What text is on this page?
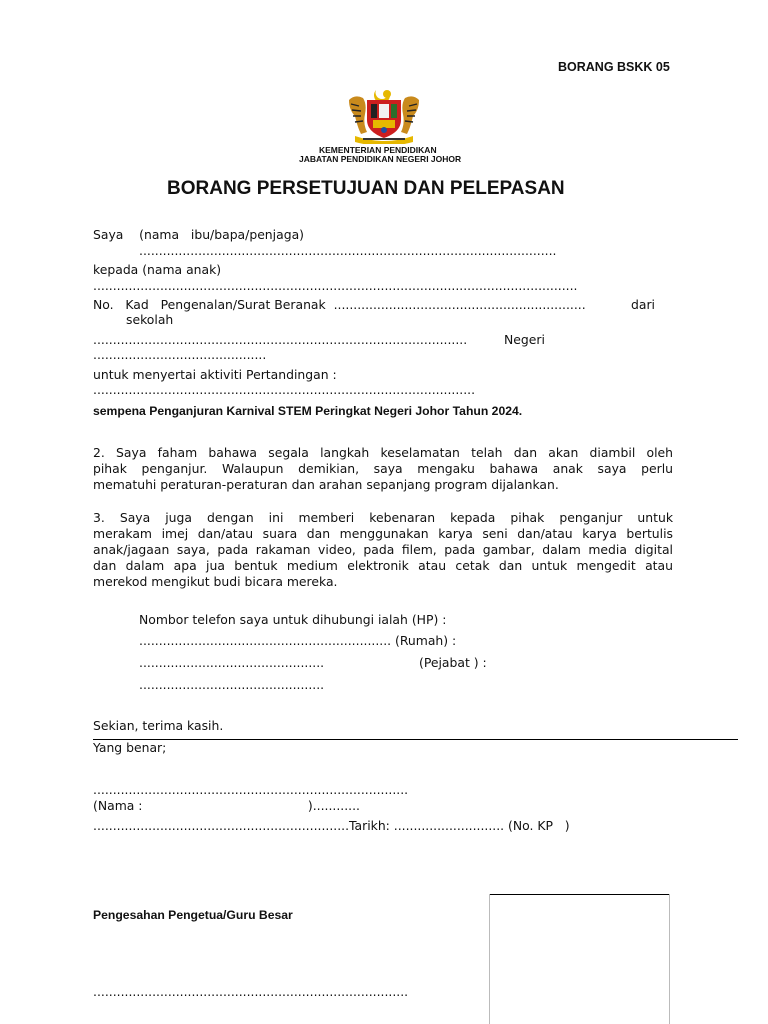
BORANG BSKK 05
KEMENTERIAN PENDIDIKAN
JABATAN PENDIDIKAN NEGERI JOHOR
BORANG PERSETUJUAN DAN PELEPASAN
Saya    (nama   ibu/bapa/penjaga)
..........................................................................................................
kepada (nama anak)
...........................................................................................................................
No.   Kad   Pengenalan/Surat Beranak  ................................................................	dari
sekolah
...............................................................................................	Negeri
............................................
untuk menyertai aktiviti Pertandingan :
.................................................................................................
sempena Penganjuran Karnival STEM Peringkat Negeri Johor Tahun 2024.
2. Saya faham bahawa segala langkah keselamatan telah dan akan diambil oleh
pihak penganjur. Walaupun demikian, saya mengaku bahawa anak saya perlu
mematuhi peraturan-peraturan dan arahan sepanjang program dijalankan.
3. Saya juga dengan ini memberi kebenaran kepada pihak penganjur untuk
merakam imej dan/atau suara dan menggunakan karya seni dan/atau karya bertulis
anak/jagaan saya, pada rakaman video, pada filem, pada gambar, dalam media digital
dan dalam apa jua bentuk medium elektronik atau cetak dan untuk mengedit atau
merekod mengikut budi bicara mereka.
Nombor telefon saya untuk dihubungi ialah (HP) :
................................................................ (Rumah) :
...............................................	(Pejabat ) :
...............................................
Sekian, terima kasih.
Yang benar;
................................................................................
(Nama :                                          )............
.................................................................Tarikh: ............................ (No. KP   )
Pengesahan Pengetua/Guru Besar
................................................................................
